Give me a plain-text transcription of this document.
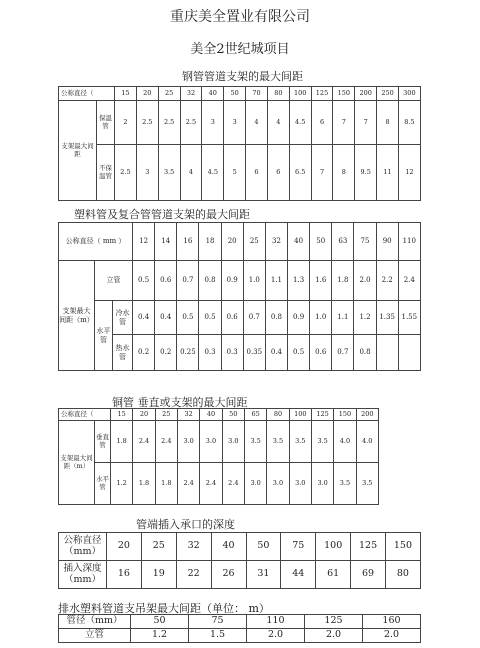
重庆美全置业有限公司
美全2世纪城项目
钢管管道支架的最大间距
公称直径（		15	20	25	32	40	50	70	80	100	125	150	200	250	300
支架最大间距	保温管	2	2.5	2.5	2.5	3	3	4	4	4.5	6	7	7	8	8.5
	不保温管	2.5	3	3.5	4	4.5	5	6	6	6.5	7	8	9.5	11	12
塑料管及复合管管道支架的最大间距
公称直径（ mm ）			12	14	16	18	20	25	32	40	50	63	75	90	110
支架最大 间距（m）	立管		0.5	0.6	0.7	0.8	0.9	1.0	1.1	1.3	1.6	1.8	2.0	2.2	2.4
	水平管	冷水管	0.4	0.4	0.5	0.5	0.6	0.7	0.8	0.9	1.0	1.1	1.2	1.35	1.55
		热水管	0.2	0.2	0.25	0.3	0.3	0.35	0.4	0.5	0.6	0.7	0.8		
铜管 垂直或支架的最大间距
公称直径（		15	20	25	32	40	50	65	80	100	125	150	200
支架最大间距（m）	垂直管	1.8	2.4	2.4	3.0	3.0	3.0	3.5	3.5	3.5	3.5	4.0	4.0
	水平管	1.2	1.8	1.8	2.4	2.4	2.4	3.0	3.0	3.0	3.0	3.5	3.5
管端插入承口的深度
公称直径（mm）	20	25	32	40	50	75	100	125	150
插入深度（mm）	16	19	22	26	31	44	61	69	80
排水塑料管道支吊架最大间距（单位： m）
管径（mm）	50	75	110	125	160
立管	1.2	1.5	2.0	2.0	2.0
